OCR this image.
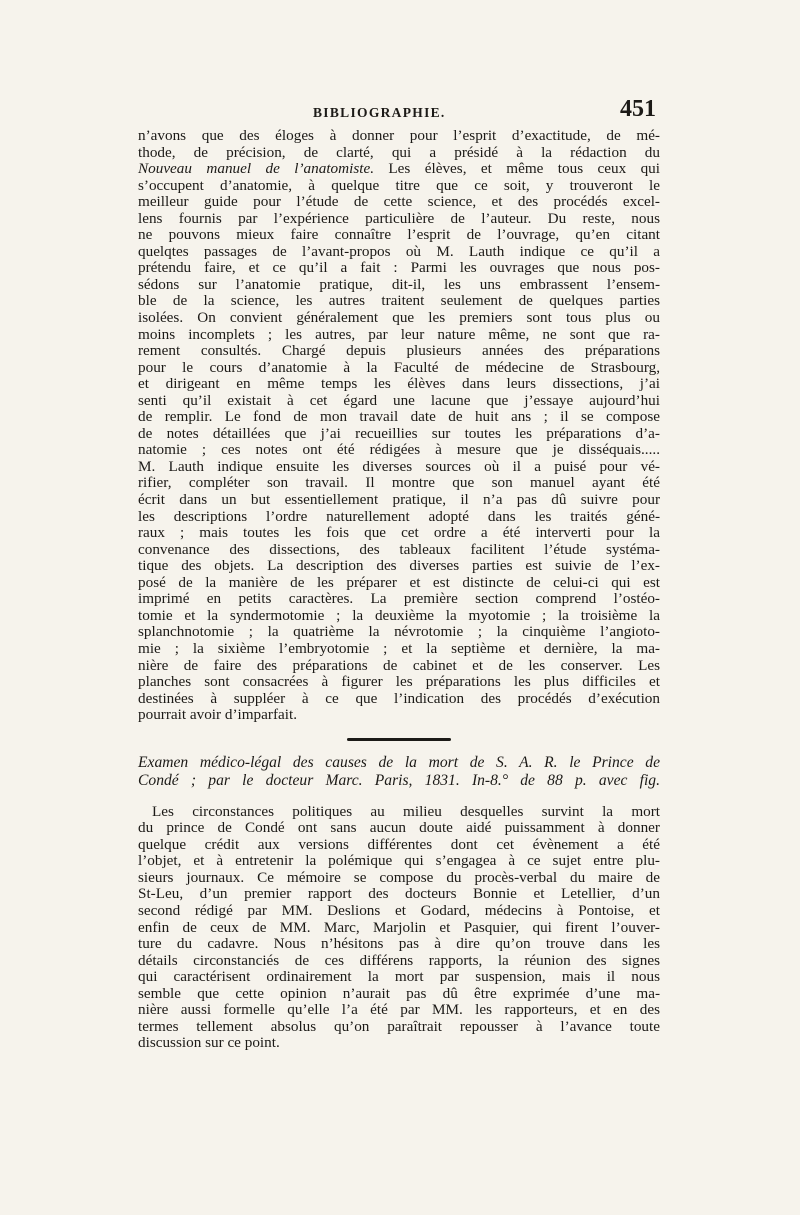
BIBLIOGRAPHIE.	451
n’avons que des éloges à donner pour l’esprit d’exactitude, de mé-
thode, de précision, de clarté, qui a présidé à la rédaction du
Nouveau manuel de l’anatomiste. Les élèves, et même tous ceux qui
s’occupent d’anatomie, à quelque titre que ce soit, y trouveront le
meilleur guide pour l’étude de cette science, et des procédés excel-
lens fournis par l’expérience particulière de l’auteur. Du reste, nous
ne pouvons mieux faire connaître l’esprit de l’ouvrage, qu’en citant
quelqtes passages de l’avant-propos où M. Lauth indique ce qu’il a
prétendu faire, et ce qu’il a fait : Parmi les ouvrages que nous pos-
sédons sur l’anatomie pratique, dit-il, les uns embrassent l’ensem-
ble de la science, les autres traitent seulement de quelques parties
isolées. On convient généralement que les premiers sont tous plus ou
moins incomplets ; les autres, par leur nature même, ne sont que ra-
rement consultés. Chargé depuis plusieurs années des préparations
pour le cours d’anatomie à la Faculté de médecine de Strasbourg,
et dirigeant en même temps les élèves dans leurs dissections, j’ai
senti qu’il existait à cet égard une lacune que j’essaye aujourd’hui
de remplir. Le fond de mon travail date de huit ans ; il se compose
de notes détaillées que j’ai recueillies sur toutes les préparations d’a-
natomie ; ces notes ont été rédigées à mesure que je disséquais.....
M. Lauth indique ensuite les diverses sources où il a puisé pour vé-
rifier, compléter son travail. Il montre que son manuel ayant été
écrit dans un but essentiellement pratique, il n’a pas dû suivre pour
les descriptions l’ordre naturellement adopté dans les traités géné-
raux ; mais toutes les fois que cet ordre a été interverti pour la
convenance des dissections, des tableaux facilitent l’étude systéma-
tique des objets. La description des diverses parties est suivie de l’ex-
posé de la manière de les préparer et est distincte de celui-ci qui est
imprimé en petits caractères. La première section comprend l’ostéo-
tomie et la syndermotomie ; la deuxième la myotomie ; la troisième la
splanchnotomie ; la quatrième la névrotomie ; la cinquième l’angioto-
mie ; la sixième l’embryotomie ; et la septième et dernière, la ma-
nière de faire des préparations de cabinet et de les conserver. Les
planches sont consacrées à figurer les préparations les plus difficiles et
destinées à suppléer à ce que l’indication des procédés d’exécution
pourrait avoir d’imparfait.
Examen médico-légal des causes de la mort de S. A. R. le Prince de
Condé ; par le docteur Marc. Paris, 1831. In-8.° de 88 p. avec fig.
Les circonstances politiques au milieu desquelles survint la mort
du prince de Condé ont sans aucun doute aidé puissamment à donner
quelque crédit aux versions différentes dont cet évènement a été
l’objet, et à entretenir la polémique qui s’engagea à ce sujet entre plu-
sieurs journaux. Ce mémoire se compose du procès-verbal du maire de
St-Leu, d’un premier rapport des docteurs Bonnie et Letellier, d’un
second rédigé par MM. Deslions et Godard, médecins à Pontoise, et
enfin de ceux de MM. Marc, Marjolin et Pasquier, qui firent l’ouver-
ture du cadavre. Nous n’hésitons pas à dire qu’on trouve dans les
détails circonstanciés de ces différens rapports, la réunion des signes
qui caractérisent ordinairement la mort par suspension, mais il nous
semble que cette opinion n’aurait pas dû être exprimée d’une ma-
nière aussi formelle qu’elle l’a été par MM. les rapporteurs, et en des
termes tellement absolus qu’on paraîtrait repousser à l’avance toute
discussion sur ce point.
